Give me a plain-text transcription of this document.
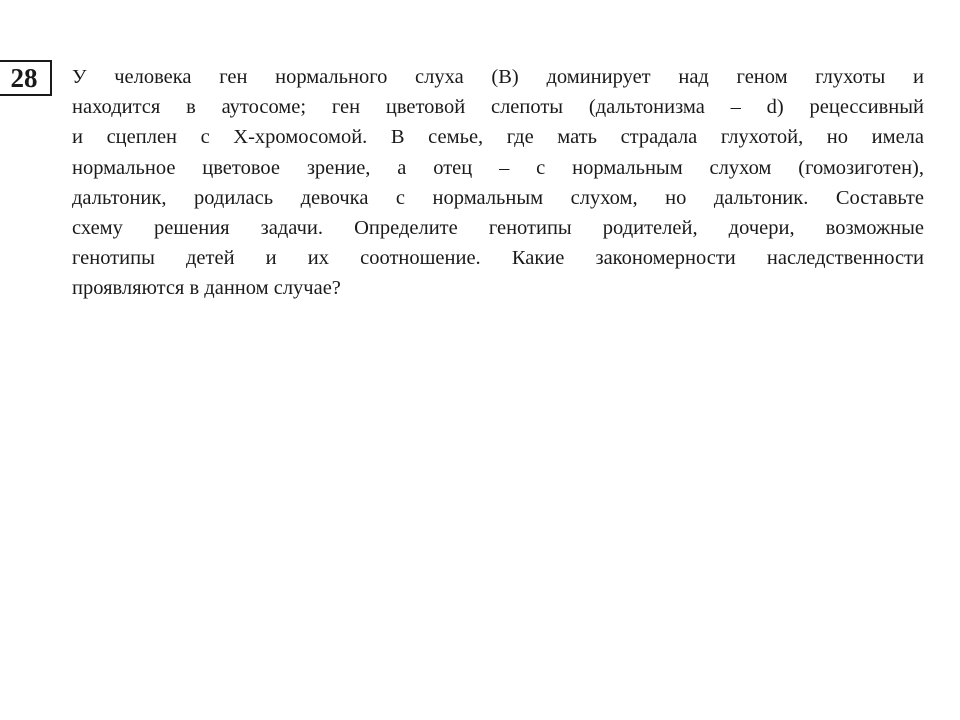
28	У человека ген нормального слуха (В) доминирует над геном глухоты и
находится в аутосоме; ген цветовой слепоты (дальтонизма – d) рецессивный
и сцеплен с Х-хромосомой. В семье, где мать страдала глухотой, но имела
нормальное цветовое зрение, а отец – с нормальным слухом (гомозиготен),
дальтоник, родилась девочка с нормальным слухом, но дальтоник. Составьте
схему решения задачи. Определите генотипы родителей, дочери, возможные
генотипы детей и их соотношение. Какие закономерности наследственности
проявляются в данном случае?
